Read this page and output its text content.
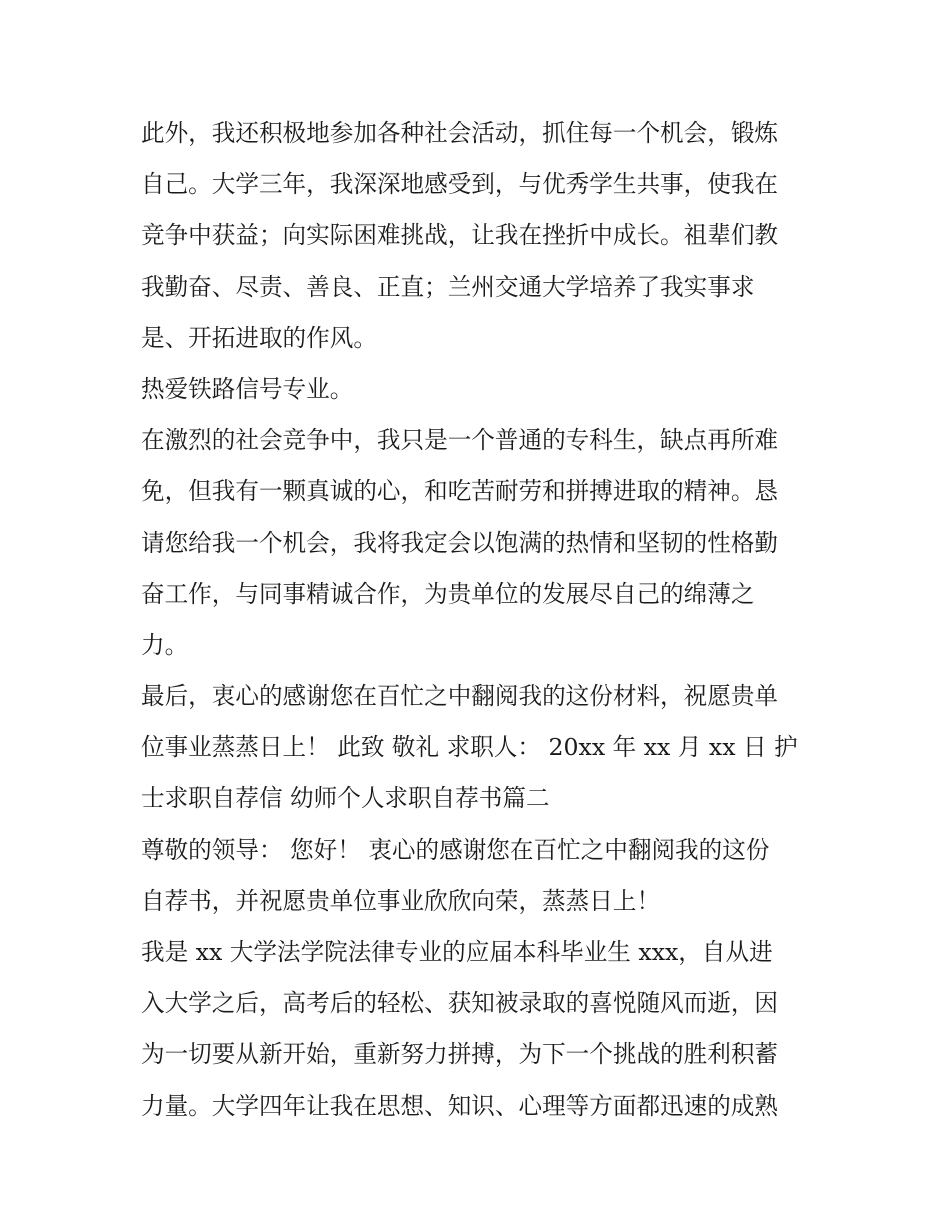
此外，我还积极地参加各种社会活动，抓住每一个机会，锻炼
自己。大学三年，我深深地感受到，与优秀学生共事，使我在
竞争中获益；向实际困难挑战，让我在挫折中成长。祖辈们教
我勤奋、尽责、善良、正直；兰州交通大学培养了我实事求
是、开拓进取的作风。
热爱铁路信号专业。
在激烈的社会竞争中，我只是一个普通的专科生，缺点再所难
免，但我有一颗真诚的心，和吃苦耐劳和拼搏进取的精神。恳
请您给我一个机会，我将我定会以饱满的热情和坚韧的性格勤
奋工作，与同事精诚合作，为贵单位的发展尽自己的绵薄之
力。
最后，衷心的感谢您在百忙之中翻阅我的这份材料，祝愿贵单
位事业蒸蒸日上！ 此致 敬礼 求职人： 20xx 年 xx 月 xx 日 护
士求职自荐信 幼师个人求职自荐书篇二
尊敬的领导： 您好！ 衷心的感谢您在百忙之中翻阅我的这份
自荐书，并祝愿贵单位事业欣欣向荣，蒸蒸日上！
我是 xx 大学法学院法律专业的应届本科毕业生 xxx，自从进
入大学之后，高考后的轻松、获知被录取的喜悦随风而逝，因
为一切要从新开始，重新努力拼搏，为下一个挑战的胜利积蓄
力量。大学四年让我在思想、知识、心理等方面都迅速的成熟
